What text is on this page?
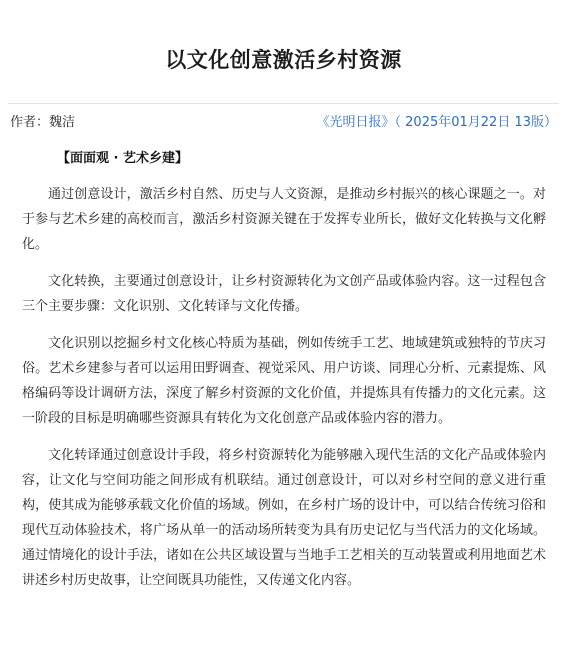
以文化创意激活乡村资源
作者：魏洁	《光明日报》（ 2025年01月22日 13版）
【面面观 · 艺术乡建】

通过创意设计，激活乡村自然、历史与人文资源，是推动乡村振兴的核心课题之一。对于参与艺术乡建的高校而言，激活乡村资源关键在于发挥专业所长，做好文化转换与文化孵化。

文化转换，主要通过创意设计，让乡村资源转化为文创产品或体验内容。这一过程包含三个主要步骤：文化识别、文化转译与文化传播。

文化识别以挖掘乡村文化核心特质为基础，例如传统手工艺、地域建筑或独特的节庆习俗。艺术乡建参与者可以运用田野调查、视觉采风、用户访谈、同理心分析、元素提炼、风格编码等设计调研方法，深度了解乡村资源的文化价值，并提炼具有传播力的文化元素。这一阶段的目标是明确哪些资源具有转化为文化创意产品或体验内容的潜力。

文化转译通过创意设计手段，将乡村资源转化为能够融入现代生活的文化产品或体验内容，让文化与空间功能之间形成有机联结。通过创意设计，可以对乡村空间的意义进行重构，使其成为能够承载文化价值的场域。例如，在乡村广场的设计中，可以结合传统习俗和现代互动体验技术，将广场从单一的活动场所转变为具有历史记忆与当代活力的文化场域。通过情境化的设计手法，诸如在公共区域设置与当地手工艺相关的互动装置或利用地面艺术讲述乡村历史故事，让空间既具功能性，又传递文化内容。
